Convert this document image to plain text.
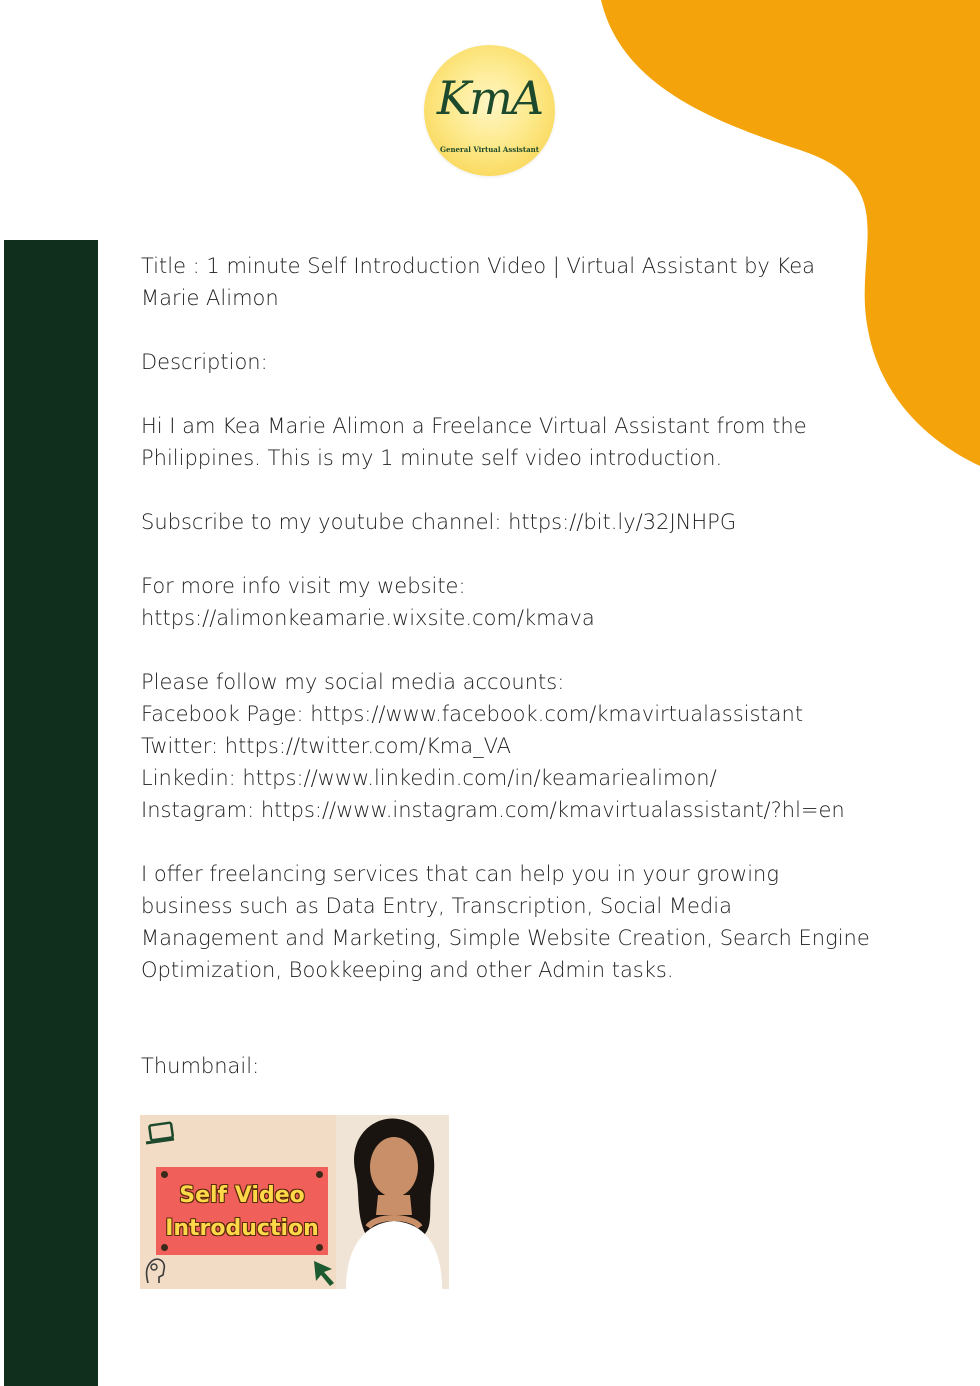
KmA
General Virtual Assistant

Title : 1 minute Self Introduction Video | Virtual Assistant by Kea Marie Alimon

Description:

Hi I am Kea Marie Alimon a Freelance Virtual Assistant from the Philippines. This is my 1 minute self video introduction.

Subscribe to my youtube channel: https://bit.ly/32JNHPG

For more info visit my website:

https://alimonkeamarie.wixsite.com/kmava

Please follow my social media accounts:

Facebook Page: https://www.facebook.com/kmavirtualassistant

Twitter: https://twitter.com/Kma_VA

Linkedin: https://www.linkedin.com/in/keamariealimon/

Instagram: https://www.instagram.com/kmavirtualassistant/?hl=en

I offer freelancing services that can help you in your growing business such as Data Entry, Transcription, Social Media Management and Marketing, Simple Website Creation, Search Engine Optimization, Bookkeeping and other Admin tasks.

Thumbnail:

Self Video
Introduction
